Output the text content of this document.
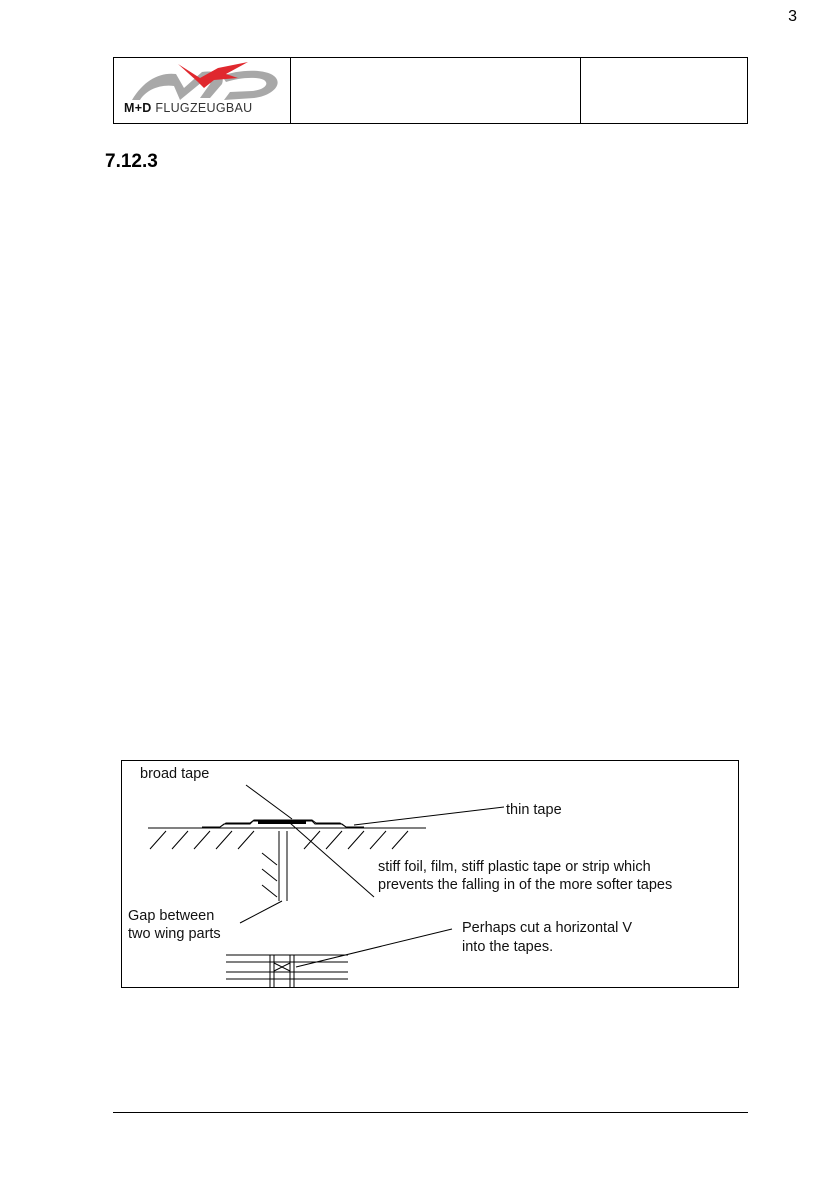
3
M+D FLUGZEUGBAU
7.12.3
broad tape
thin tape
stiff foil, film, stiff plastic tape or strip which
prevents the falling in of the more softer tapes
Gap between
two wing parts	Perhaps cut a horizontal V
into the tapes.
